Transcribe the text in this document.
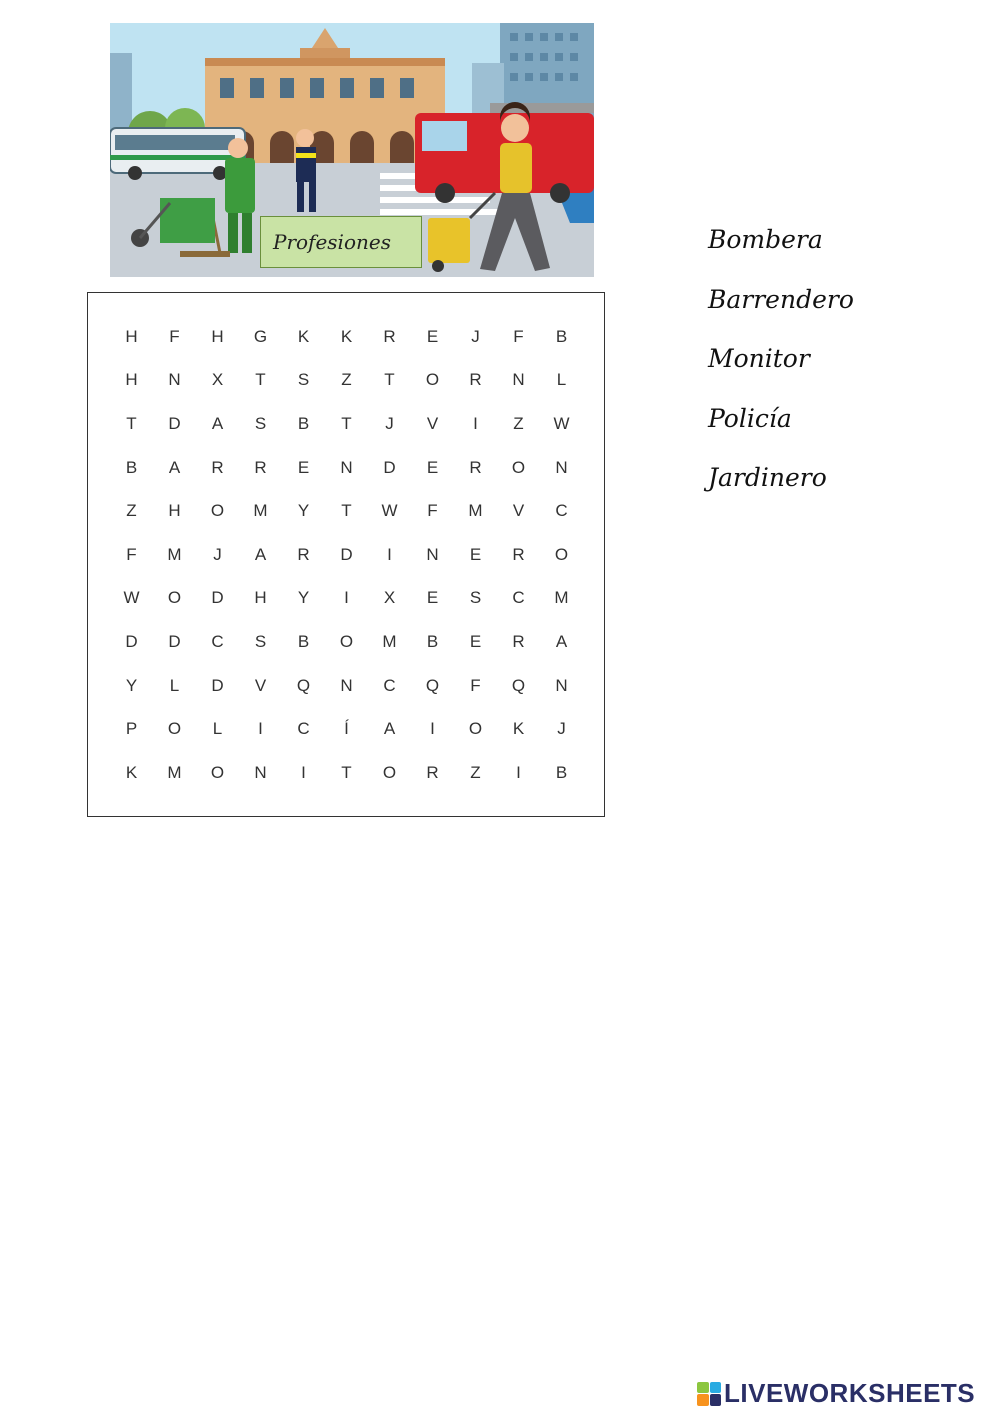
Profesiones
H	F	H	G	K	K	R	E	J	F	B
H	N	X	T	S	Z	T	O	R	N	L
T	D	A	S	B	T	J	V	I	Z	W
B	A	R	R	E	N	D	E	R	O	N
Z	H	O	M	Y	T	W	F	M	V	C
F	M	J	A	R	D	I	N	E	R	O
W	O	D	H	Y	I	X	E	S	C	M
D	D	C	S	B	O	M	B	E	R	A
Y	L	D	V	Q	N	C	Q	F	Q	N
P	O	L	I	C	Í	A	I	O	K	J
K	M	O	N	I	T	O	R	Z	I	B
Bombera
Barrendero
Monitor
Policía
Jardinero
LIVEWORKSHEETS
